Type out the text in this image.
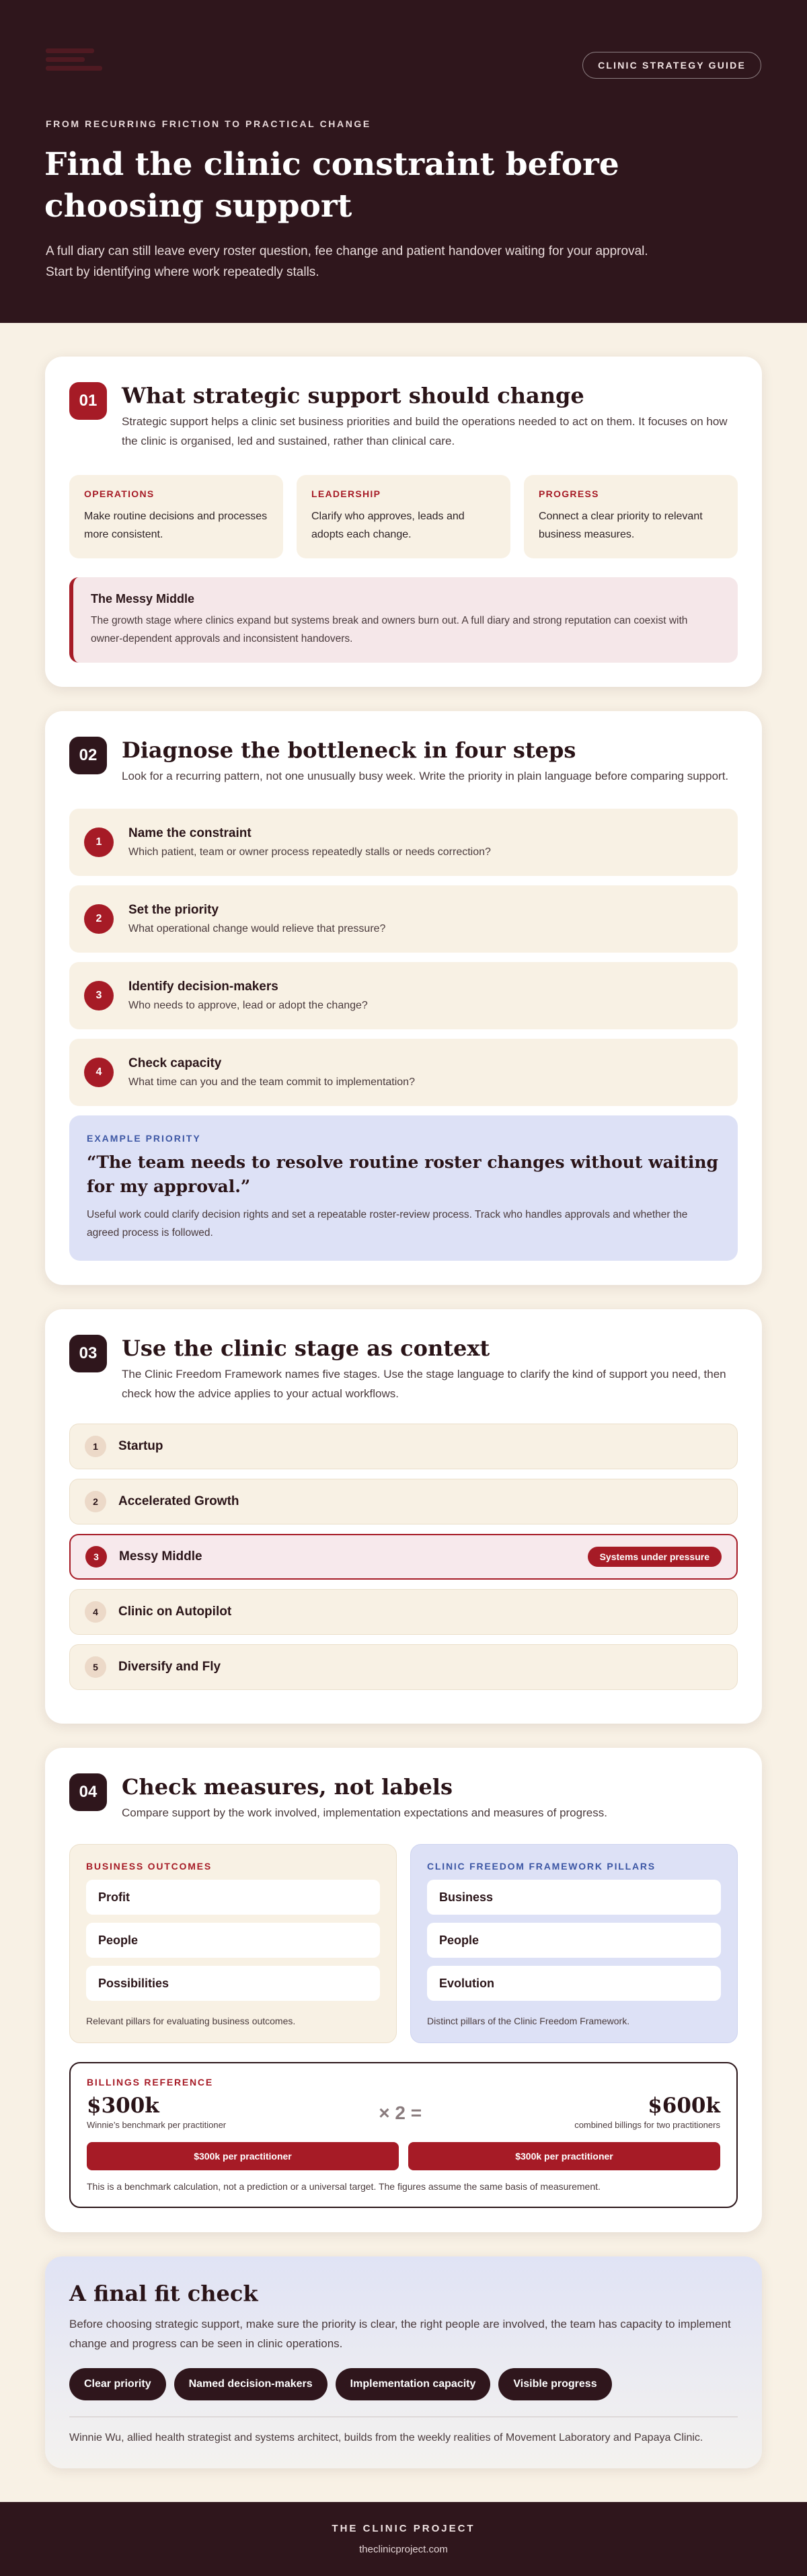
CLINIC STRATEGY GUIDE
FROM RECURRING FRICTION TO PRACTICAL CHANGE
Find the clinic constraint before choosing support

A full diary can still leave every roster question, fee change and patient handover waiting for your approval. Start by identifying where work repeatedly stalls.

01	What strategic support should change

Strategic support helps a clinic set business priorities and build the operations needed to act on them. It focuses on how the clinic is organised, led and sustained, rather than clinical care.

OPERATIONS
Make routine decisions and processes more consistent.
LEADERSHIP
Clarify who approves, leads and adopts each change.
PROGRESS
Connect a clear priority to relevant business measures.
The Messy Middle
The growth stage where clinics expand but systems break and owners burn out. A full diary and strong reputation can coexist with owner-dependent approvals and inconsistent handovers.
02	Diagnose the bottleneck in four steps

Look for a recurring pattern, not one unusually busy week. Write the priority in plain language before comparing support.

1
Name the constraint
Which patient, team or owner process repeatedly stalls or needs correction?
2
Set the priority
What operational change would relieve that pressure?
3
Identify decision-makers
Who needs to approve, lead or adopt the change?
4
Check capacity
What time can you and the team commit to implementation?
EXAMPLE PRIORITY
“The team needs to resolve routine roster changes without waiting for my approval.”
Useful work could clarify decision rights and set a repeatable roster-review process. Track who handles approvals and whether the agreed process is followed.
03	Use the clinic stage as context

The Clinic Freedom Framework names five stages. Use the stage language to clarify the kind of support you need, then check how the advice applies to your actual workflows.

1	Startup
2	Accelerated Growth
3	Messy Middle	Systems under pressure
4	Clinic on Autopilot
5	Diversify and Fly
04	Check measures, not labels

Compare support by the work involved, implementation expectations and measures of progress.

BUSINESS OUTCOMES
Profit
People
Possibilities
Relevant pillars for evaluating business outcomes.
CLINIC FREEDOM FRAMEWORK PILLARS
Business
People
Evolution
Distinct pillars of the Clinic Freedom Framework.
BILLINGS REFERENCE
$300k
Winnie’s benchmark per practitioner
× 2 =	$600k
combined billings for two practitioners
$300k per practitioner	$300k per practitioner
This is a benchmark calculation, not a prediction or a universal target. The figures assume the same basis of measurement.
A final fit check

Before choosing strategic support, make sure the priority is clear, the right people are involved, the team has capacity to implement change and progress can be seen in clinic operations.

Clear priority	Named decision-makers	Implementation capacity	Visible progress

Winnie Wu, allied health strategist and systems architect, builds from the weekly realities of Movement Laboratory and Papaya Clinic.

THE CLINIC PROJECT
theclinicproject.com
